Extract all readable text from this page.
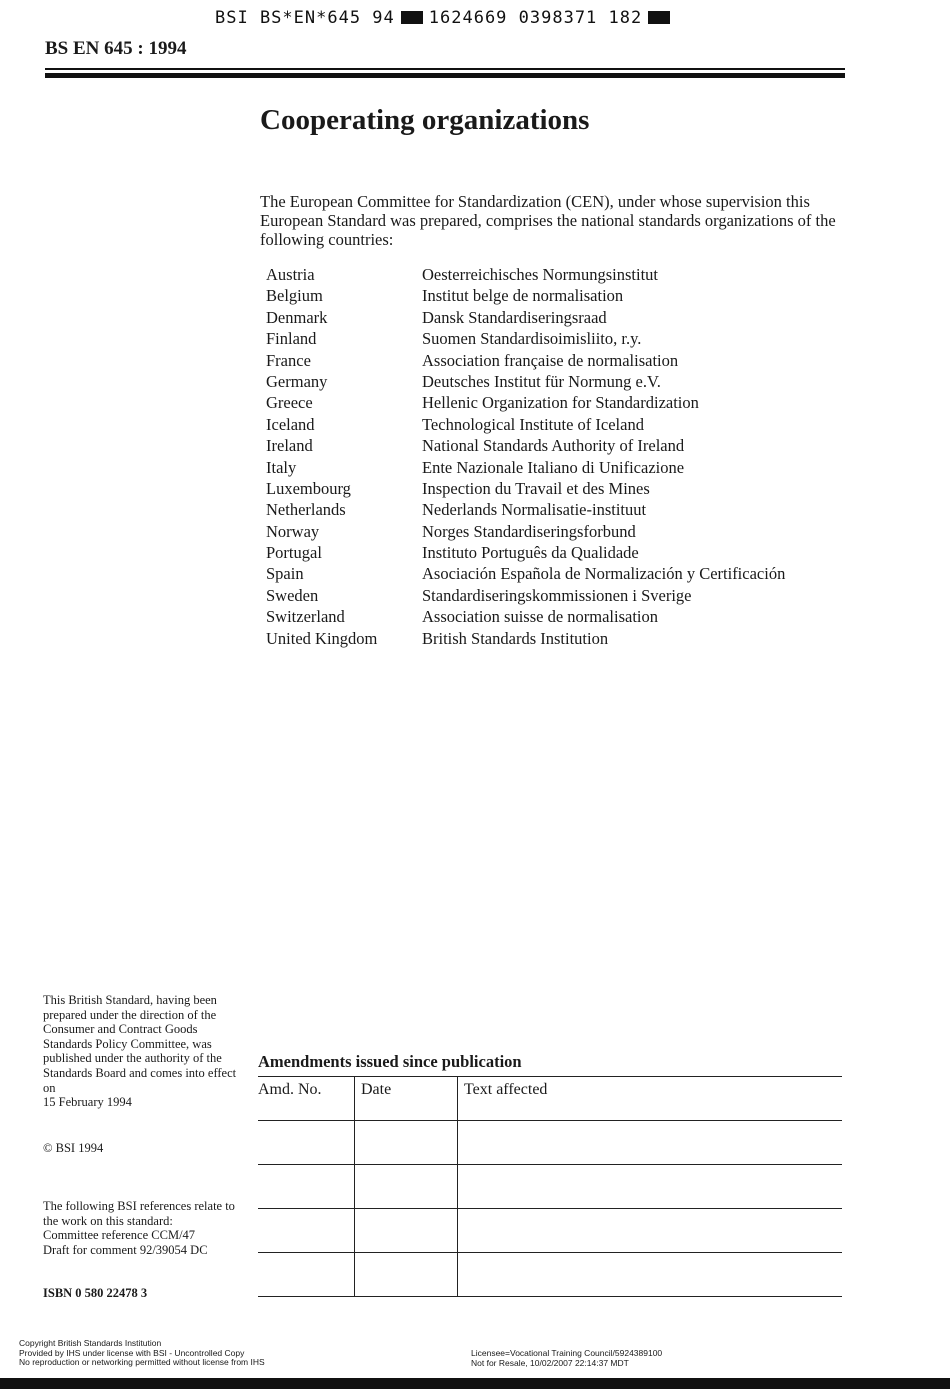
BSI BS*EN*645 94 1624669 0398371 182
BS EN 645 : 1994
Cooperating organizations
The European Committee for Standardization (CEN), under whose supervision this European Standard was prepared, comprises the national standards organizations of the following countries:
Austria	Oesterreichisches Normungsinstitut
Belgium	Institut belge de normalisation
Denmark	Dansk Standardiseringsraad
Finland	Suomen Standardisoimisliito, r.y.
France	Association française de normalisation
Germany	Deutsches Institut für Normung e.V.
Greece	Hellenic Organization for Standardization
Iceland	Technological Institute of Iceland
Ireland	National Standards Authority of Ireland
Italy	Ente Nazionale Italiano di Unificazione
Luxembourg	Inspection du Travail et des Mines
Netherlands	Nederlands Normalisatie-instituut
Norway	Norges Standardiseringsforbund
Portugal	Instituto Português da Qualidade
Spain	Asociación Española de Normalización y Certificación
Sweden	Standardiseringskommissionen i Sverige
Switzerland	Association suisse de normalisation
United Kingdom	British Standards Institution
This British Standard, having been prepared under the direction of the Consumer and Contract Goods Standards Policy Committee, was published under the authority of the Standards Board and comes into effect on
15 February 1994
© BSI 1994
The following BSI references relate to the work on this standard:
Committee reference CCM/47
Draft for comment 92/39054 DC
ISBN 0 580 22478 3
Amendments issued since publication
Amd. No.	Date	Text affected

Copyright British Standards Institution
Provided by IHS under license with BSI - Uncontrolled Copy
No reproduction or networking permitted without license from IHS
Licensee=Vocational Training Council/5924389100
Not for Resale, 10/02/2007 22:14:37 MDT
